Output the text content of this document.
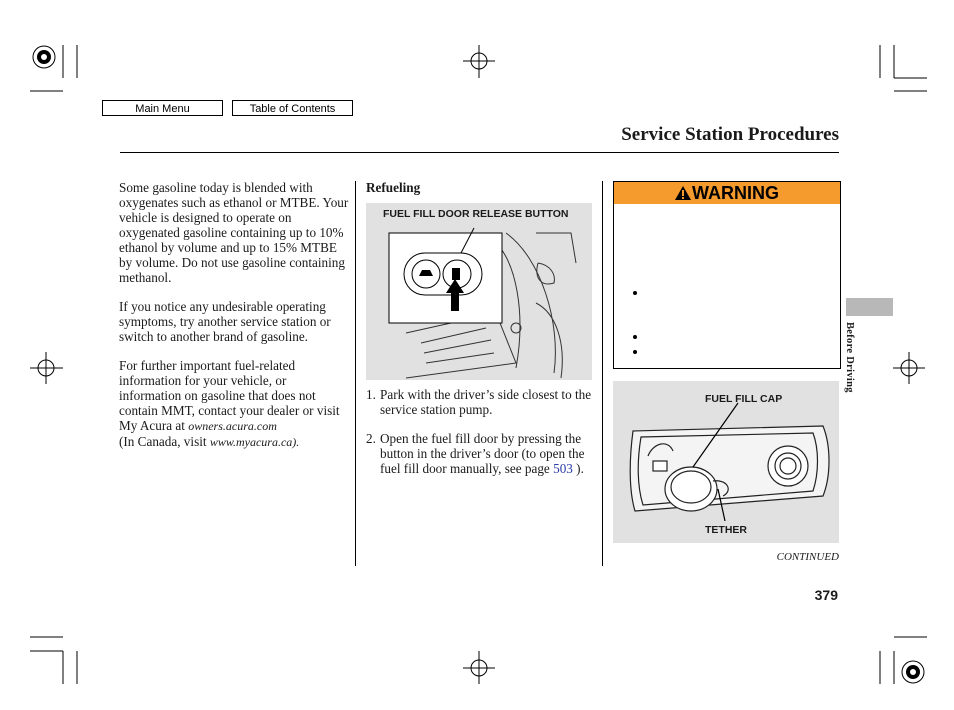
Main Menu	Table of Contents
Service Station Procedures

Some gasoline today is blended with oxygenates such as ethanol or MTBE. Your vehicle is designed to operate on oxygenated gasoline containing up to 10% ethanol by volume and up to 15% MTBE by volume. Do not use gasoline containing methanol.

If you notice any undesirable operating symptoms, try another service station or switch to another brand of gasoline.

For further important fuel-related information for your vehicle, or information on gasoline that does not contain MMT, contact your dealer or visit My Acura at owners.acura.com
(In Canada, visit www.myacura.ca).

Refueling
FUEL FILL DOOR RELEASE BUTTON
1. Park with the driver’s side closest to the service station pump.
2. Open the fuel fill door by pressing the button in the driver’s door (to open the fuel fill door manually, see page 503 ).
WARNING
FUEL FILL CAP
TETHER
Before Driving
CONTINUED
379
